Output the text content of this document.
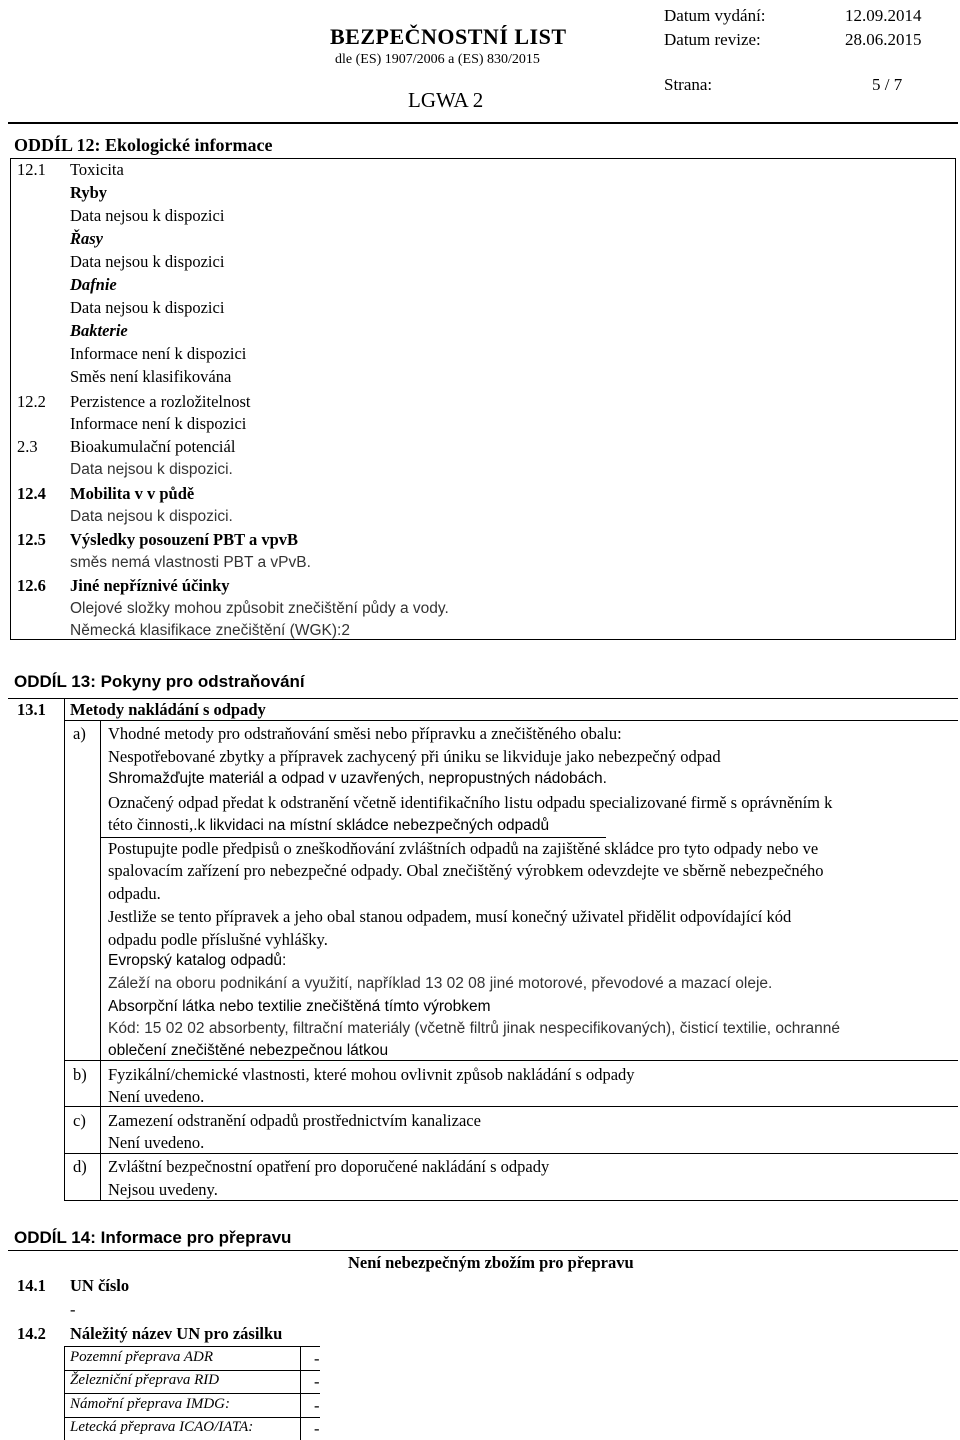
BEZPEČNOSTNÍ LIST
dle (ES) 1907/2006 a (ES) 830/2015
LGWA 2
Datum vydání:	12.09.2014
Datum revize:	28.06.2015
Strana:	5 / 7
ODDÍL 12: Ekologické informace
12.1 Toxicita
Ryby
Data nejsou k dispozici
Řasy
Data nejsou k dispozici
Dafnie
Data nejsou k dispozici
Bakterie
Informace není k dispozici
Směs není klasifikována
12.2 Perzistence a rozložitelnost
Informace není k dispozici
2.3 Bioakumulační potenciál
Data nejsou k dispozici.
12.4 Mobilita v v půdě
Data nejsou k dispozici.
12.5 Výsledky posouzení PBT a vpvB
směs nemá vlastnosti PBT a vPvB.
12.6 Jiné nepříznivé účinky
Olejové složky mohou způsobit znečištění půdy a vody.
Německá klasifikace znečištění (WGK):2
ODDÍL 13: Pokyny pro odstraňování
13.1 Metody nakládání s odpady
a) Vhodné metody pro odstraňování směsi nebo přípravku a znečištěného obalu:
Nespotřebované zbytky a přípravek zachycený při úniku se likviduje jako nebezpečný odpad
Shromažďujte materiál a odpad v uzavřených, nepropustných nádobách.
Označený odpad předat k odstranění včetně identifikačního listu odpadu specializované firmě s oprávněním k
této činnosti,.k likvidaci na místní skládce nebezpečných odpadů
Postupujte podle předpisů o zneškodňování zvláštních odpadů na zajištěné skládce pro tyto odpady nebo ve
spalovacím zařízení pro nebezpečné odpady. Obal znečištěný výrobkem odevzdejte ve sběrně nebezpečného
odpadu.
Jestliže se tento přípravek a jeho obal stanou odpadem, musí konečný uživatel přidělit odpovídající kód
odpadu podle příslušné vyhlášky.
Evropský katalog odpadů:
Záleží na oboru podnikání a využití, například 13 02 08 jiné motorové, převodové a mazací oleje.
Absorpční látka nebo textilie znečištěná tímto výrobkem
Kód: 15 02 02 absorbenty, filtrační materiály (včetně filtrů jinak nespecifikovaných), čisticí textilie, ochranné
oblečení znečištěné nebezpečnou látkou
b) Fyzikální/chemické vlastnosti, které mohou ovlivnit způsob nakládání s odpady
Není uvedeno.
c) Zamezení odstranění odpadů prostřednictvím kanalizace
Není uvedeno.
d) Zvláštní bezpečnostní opatření pro doporučené nakládání s odpady
Nejsou uvedeny.
ODDÍL 14: Informace pro přepravu
Není nebezpečným zbožím pro přepravu
14.1 UN číslo
-
14.2 Náležitý název UN pro zásilku
Pozemní přeprava ADR	-
Železniční přeprava RID	-
Námořní přeprava IMDG:	-
Letecká přeprava ICAO/IATA:	-
